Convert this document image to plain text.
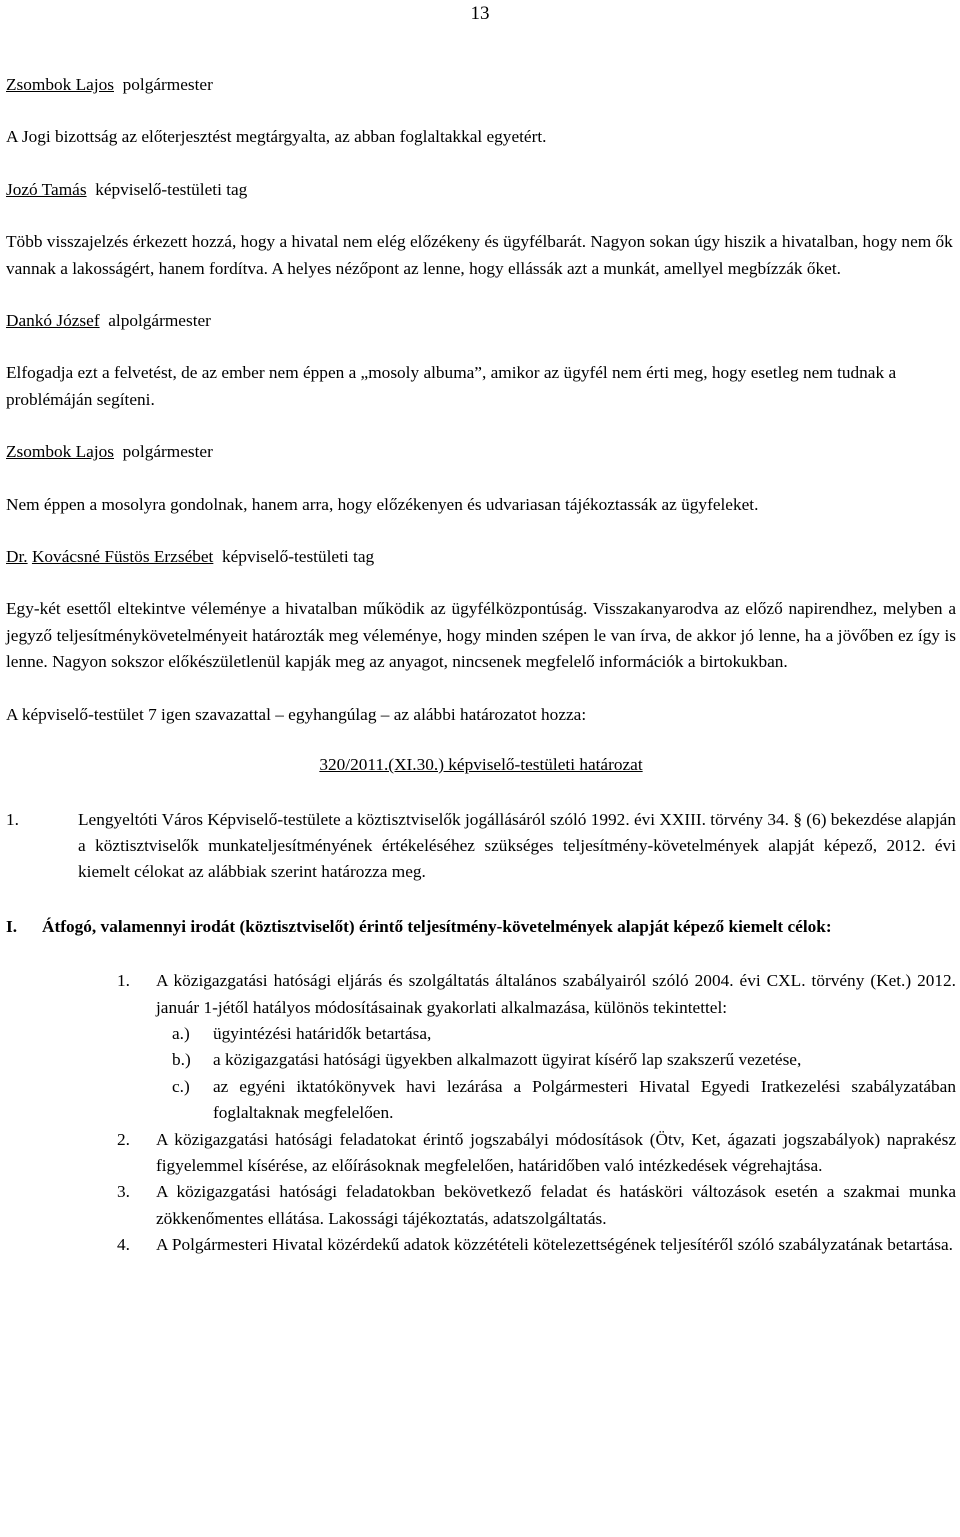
13

Zsombok Lajos polgármester

A Jogi bizottság az előterjesztést megtárgyalta, az abban foglaltakkal egyetért.

Jozó Tamás képviselő-testületi tag

Több visszajelzés érkezett hozzá, hogy a hivatal nem elég előzékeny és ügyfélbarát. Nagyon sokan úgy hiszik a hivatalban, hogy nem ők vannak a lakosságért, hanem fordítva. A helyes nézőpont az lenne, hogy ellássák azt a munkát, amellyel megbízzák őket.

Dankó József alpolgármester

Elfogadja ezt a felvetést, de az ember nem éppen a „mosoly albuma”, amikor az ügyfél nem érti meg, hogy esetleg nem tudnak a problémáján segíteni.

Zsombok Lajos polgármester

Nem éppen a mosolyra gondolnak, hanem arra, hogy előzékenyen és udvariasan tájékoztassák az ügyfeleket.

Dr. Kovácsné Füstös Erzsébet képviselő-testületi tag

Egy-két esettől eltekintve véleménye a hivatalban működik az ügyfélközpontúság. Visszakanyarodva az előző napirendhez, melyben a jegyző teljesítménykövetelményeit határozták meg véleménye, hogy minden szépen le van írva, de akkor jó lenne, ha a jövőben ez így is lenne. Nagyon sokszor előkészületlenül kapják meg az anyagot, nincsenek megfelelő információk a birtokukban.

A képviselő-testület 7 igen szavazattal – egyhangúlag – az alábbi határozatot hozza:

320/2011.(XI.30.) képviselő-testületi határozat

1.	Lengyeltóti Város Képviselő-testülete a köztisztviselők jogállásáról szóló 1992. évi XXIII. törvény 34. § (6) bekezdése alapján a köztisztviselők munkateljesítményének értékeléséhez szükséges teljesítmény-követelmények alapját képező, 2012. évi kiemelt célokat az alábbiak szerint határozza meg.
I.	Átfogó, valamennyi irodát (köztisztviselőt) érintő teljesítmény-követelmények alapját képező kiemelt célok:
1.	A közigazgatási hatósági eljárás és szolgáltatás általános szabályairól szóló 2004. évi CXL. törvény (Ket.) 2012. január 1-jétől hatályos módosításainak gyakorlati alkalmazása, különös tekintettel:
a.)	ügyintézési határidők betartása,
b.)	a közigazgatási hatósági ügyekben alkalmazott ügyirat kísérő lap szakszerű vezetése,
c.)	az egyéni iktatókönyvek havi lezárása a Polgármesteri Hivatal Egyedi Iratkezelési szabályzatában foglaltaknak megfelelően.
2.	A közigazgatási hatósági feladatokat érintő jogszabályi módosítások (Ötv, Ket, ágazati jogszabályok) naprakész figyelemmel kísérése, az előírásoknak megfelelően, határidőben való intézkedések végrehajtása.
3.	A közigazgatási hatósági feladatokban bekövetkező feladat és hatásköri változások esetén a szakmai munka zökkenőmentes ellátása. Lakossági tájékoztatás, adatszolgáltatás.
4.	A Polgármesteri Hivatal közérdekű adatok közzétételi kötelezettségének teljesítéről szóló szabályzatának betartása.
